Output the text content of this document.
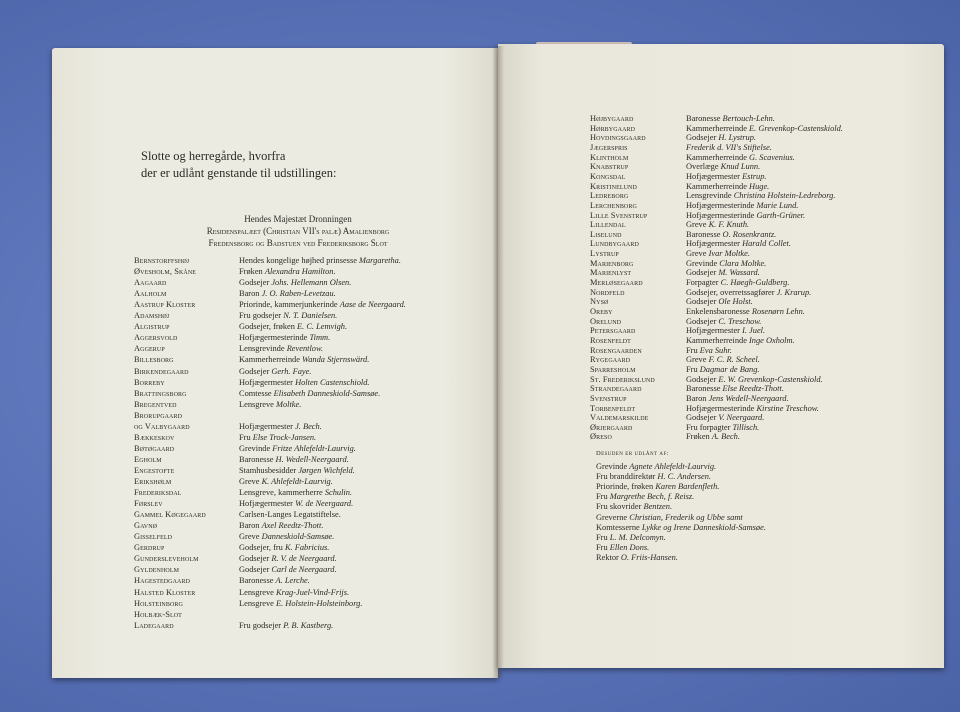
Slotte og herregårde, hvorfra
der er udlånt genstande til udstillingen:

Hendes Majestæt Dronningen
Residenspalæet (Christian VII's palæ) Amalienborg
Fredensborg og Badstuen ved Frederiksborg Slot
Bernstorffshøj	Hendes kongelige højhed prinsesse Margaretha.
Øvesholm, Skåne	Frøken Alexandra Hamilton.
Aagaard	Godsejer Johs. Hellemann Olsen.
Aalholm	Baron J. O. Raben-Levetzau.
Aastrup Kloster	Priorinde, kammerjunkerinde Aase de Neergaard.
Adamshøj	Fru godsejer N. T. Danielsen.
Algistrup	Godsejer, frøken E. C. Lemvigh.
Aggersvold	Hofjægermesterinde Timm.
Aggerup	Lensgrevinde Reventlow.
Billesborg	Kammerherreinde Wanda Stjernswärd.
Birkendegaard	Godsejer Gerh. Faye.
Borreby	Hofjægermester Holten Castenschiold.
Brattingsborg	Comtesse Elisabeth Danneskiold-Samsøe.
Bregentved	Lensgreve Moltke.
Brorupgaard
og Valbygaard	Hofjægermester J. Bech.
Bækkeskov	Fru Else Trock-Jansen.
Bøtøgaard	Grevinde Fritze Ahlefeldt-Laurvig.
Egholm	Baronesse H. Wedell-Neergaard.
Engestofte	Stamhusbesidder Jørgen Wichfeld.
Erikshølm	Greve K. Ahlefeldt-Laurvig.
Frederiksdal	Lensgreve, kammerherre Schulin.
Førslev	Hofjægermester W. de Neergaard.
Gammel Køgegaard	Carlsen-Langes Legatstiftelse.
Gavnø	Baron Axel Reedtz-Thott.
Gisselfeld	Greve Danneskiold-Samsøe.
Gerdrup	Godsejer, fru K. Fabricius.
Gundersleveholm	Godsejer R. V. de Neergaard.
Gyldenholm	Godsejer Carl de Neergaard.
Hagestedgaard	Baronesse A. Lerche.
Halsted Kloster	Lensgreve Krag-Juel-Vind-Frijs.
Holsteinborg	Lensgreve E. Holstein-Holsteinborg.
Holbæk-Slot
Ladegaard	Fru godsejer P. B. Kastberg.
Højbygaard	Baronesse Bertouch-Lehn.
Hørbygaard	Kammerherreinde E. Grevenkop-Castenskiold.
Hovdingsgaard	Godsejer H. Lystrup.
Jægerspris	Frederik d. VII's Stiftelse.
Klintholm	Kammerherreinde G. Scavenius.
Knabstrup	Overlæge Knud Lunn.
Kongsdal	Hofjægermester Estrup.
Kristinelund	Kammerherreinde Huge.
Ledreborg	Lensgrevinde Christina Holstein-Ledreborg.
Lerchenborg	Hofjægermesterinde Marie Lund.
Lille Svenstrup	Hofjægermesterinde Garth-Grüner.
Lillendal	Greve K. F. Knuth.
Liselund	Baronesse O. Rosenkrantz.
Lundbygaard	Hofjægermester Harald Collet.
Lystrup	Greve Ivar Moltke.
Marienborg	Grevinde Clara Moltke.
Marienlyst	Godsejer M. Wassard.
Merløsegaard	Forpagter C. Høegh-Guldberg.
Nordfeld	Godsejer, overretssagfører J. Krarup.
Nysø	Godsejer Ole Holst.
Oreby	Enkelensbaronesse Rosenørn Lehn.
Orelund	Godsejer C. Treschow.
Petersgaard	Hofjægermester I. Juel.
Rosenfeldt	Kammerherreinde Inge Oxholm.
Rosengaarden	Fru Eva Suhr.
Rygegaard	Greve F. C. R. Scheel.
Sparresholm	Fru Dagmar de Bang.
St. Frederikslund	Godsejer E. W. Grevenkop-Castenskiold.
Strandegaard	Baronesse Else Reedtz-Thott.
Svenstrup	Baron Jens Wedell-Neergaard.
Torbenfeldt	Hofjægermesterinde Kirstine Treschow.
Valdemarskilde	Godsejer V. Neergaard.
Ørjergaard	Fru forpagter Tillisch.
Øreso	Frøken A. Bech.
Desuden er udlånt af:
Grevinde Agnete Ahlefeldt-Laurvig.
Fru branddirektør H. C. Andersen.
Priorinde, frøken Karen Bardenfleth.
Fru Margrethe Bech, f. Reisz.
Fru skovrider Bentzen.
Greverne Christian, Frederik og Ubbe samt
Komtesserne Lykke og Irene Danneskiold-Samsøe.
Fru L. M. Delcomyn.
Fru Ellen Dons.
Rektor O. Friis-Hansen.
